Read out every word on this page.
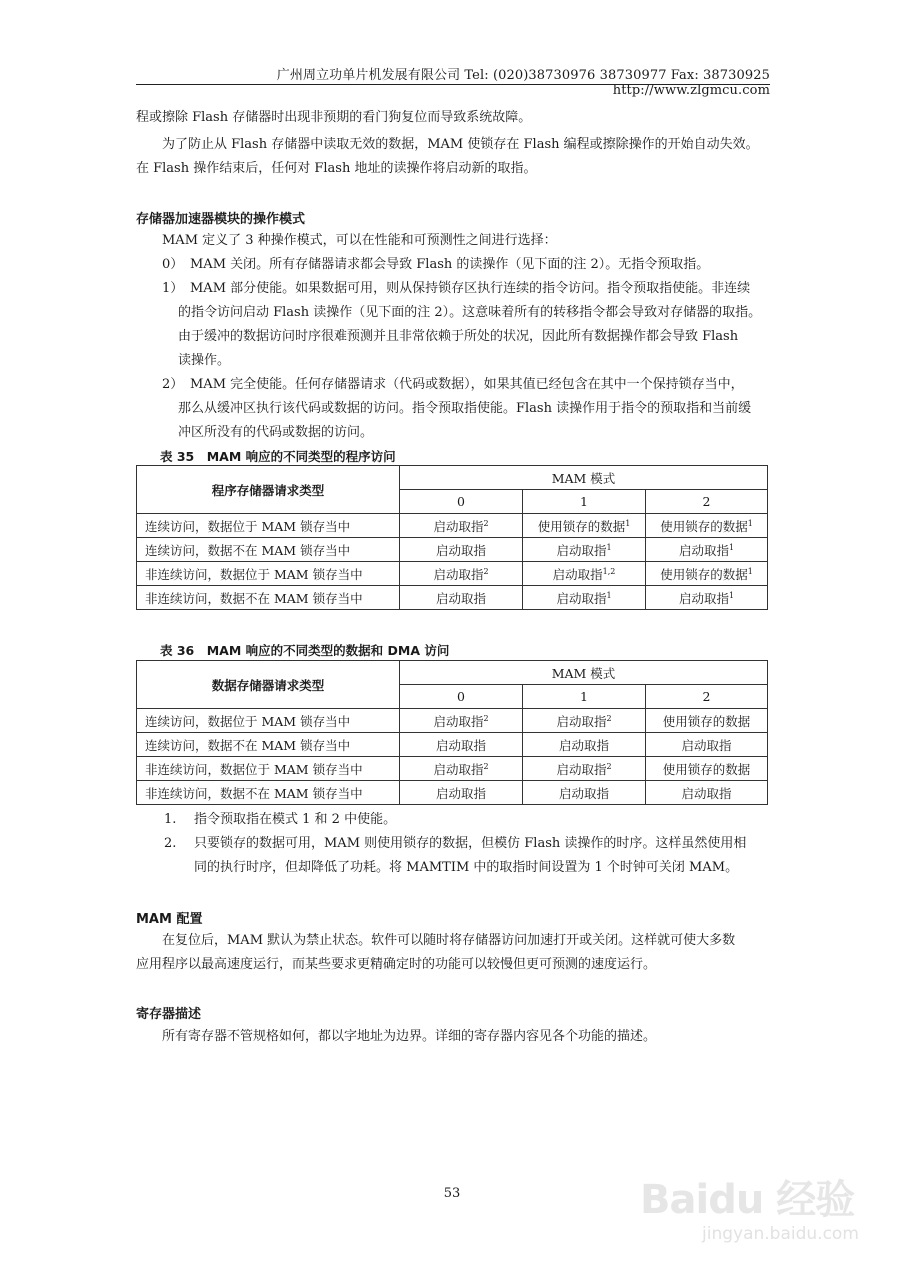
广州周立功单片机发展有限公司 Tel: (020)38730976 38730977 Fax: 38730925 http://www.zlgmcu.com

程或擦除 Flash 存储器时出现非预期的看门狗复位而导致系统故障。

为了防止从 Flash 存储器中读取无效的数据，MAM 使锁存在 Flash 编程或擦除操作的开始自动失效。

在 Flash 操作结束后，任何对 Flash 地址的读操作将启动新的取指。

存储器加速器模块的操作模式

MAM 定义了 3 种操作模式，可以在性能和可预测性之间进行选择：

0） MAM 关闭。所有存储器请求都会导致 Flash 的读操作（见下面的注 2）。无指令预取指。
1） MAM 部分使能。如果数据可用，则从保持锁存区执行连续的指令访问。指令预取指使能。非连续
的指令访问启动 Flash 读操作（见下面的注 2）。这意味着所有的转移指令都会导致对存储器的取指。
由于缓冲的数据访问时序很难预测并且非常依赖于所处的状况，因此所有数据操作都会导致 Flash
读操作。
2） MAM 完全使能。任何存储器请求（代码或数据），如果其值已经包含在其中一个保持锁存当中，
那么从缓冲区执行该代码或数据的访问。指令预取指使能。Flash 读操作用于指令的预取指和当前缓
冲区所没有的代码或数据的访问。
表 35　MAM 响应的不同类型的程序访问
程序存储器请求类型	MAM 模式		
	0	1	2
连续访问，数据位于 MAM 锁存当中	启动取指$^2$	使用锁存的数据$^1$	使用锁存的数据$^1$
连续访问，数据不在 MAM 锁存当中	启动取指	启动取指$^1$	启动取指$^1$
非连续访问，数据位于 MAM 锁存当中	启动取指$^2$	启动取指$^{1,2}$	使用锁存的数据$^1$
非连续访问，数据不在 MAM 锁存当中	启动取指	启动取指$^1$	启动取指$^1$
表 36　MAM 响应的不同类型的数据和 DMA 访问
数据存储器请求类型	MAM 模式		
	0	1	2
连续访问，数据位于 MAM 锁存当中	启动取指$^2$	启动取指$^2$	使用锁存的数据
连续访问，数据不在 MAM 锁存当中	启动取指	启动取指	启动取指
非连续访问，数据位于 MAM 锁存当中	启动取指$^2$	启动取指$^2$	使用锁存的数据
非连续访问，数据不在 MAM 锁存当中	启动取指	启动取指	启动取指
1. 指令预取指在模式 1 和 2 中使能。
2. 只要锁存的数据可用，MAM 则使用锁存的数据，但模仿 Flash 读操作的时序。这样虽然使用相
同的执行时序，但却降低了功耗。将 MAMTIM 中的取指时间设置为 1 个时钟可关闭 MAM。
MAM 配置

在复位后，MAM 默认为禁止状态。软件可以随时将存储器访问加速打开或关闭。这样就可使大多数

应用程序以最高速度运行，而某些要求更精确定时的功能可以较慢但更可预测的速度运行。

寄存器描述

所有寄存器不管规格如何，都以字地址为边界。详细的寄存器内容见各个功能的描述。

53	Baidu 经验
jingyan.baidu.com
